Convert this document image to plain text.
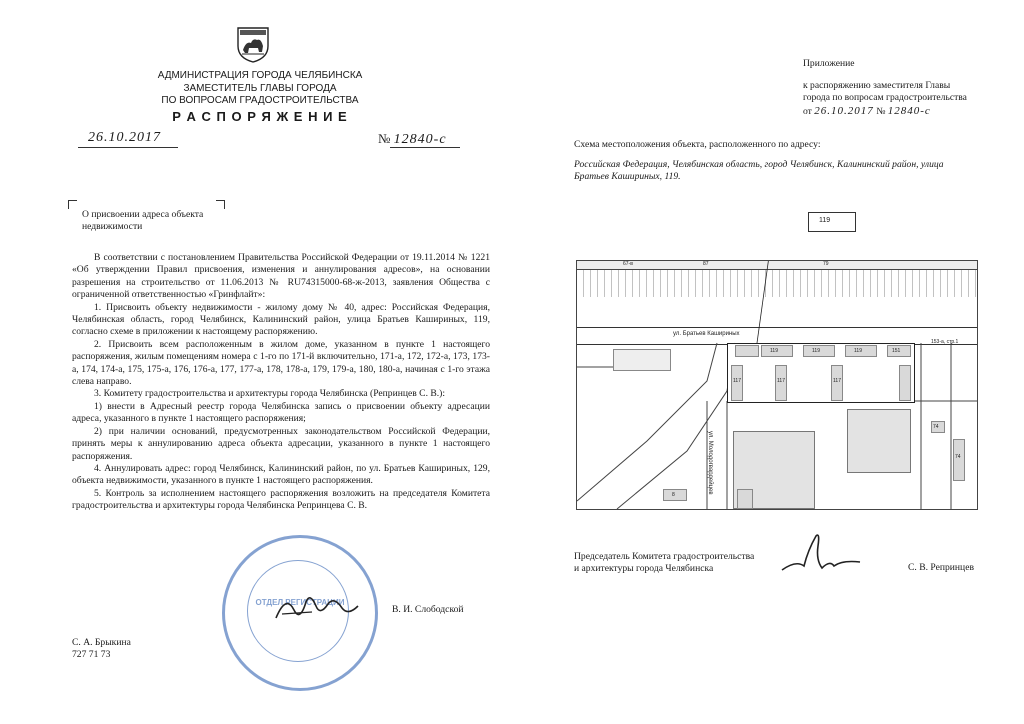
АДМИНИСТРАЦИЯ ГОРОДА ЧЕЛЯБИНСКА
ЗАМЕСТИТЕЛЬ ГЛАВЫ ГОРОДА
ПО ВОПРОСАМ ГРАДОСТРОИТЕЛЬСТВА
Р А С П О Р Я Ж Е Н И Е
26.10.2017	№ 12840-с
О присвоении адреса объекта
недвижимости

В соответствии с постановлением Правительства Российской Федерации от 19.11.2014 № 1221 «Об утверждении Правил присвоения, изменения и аннулирования адресов», на основании разрешения на строительство от 11.06.2013 № RU74315000-68-ж-2013, заявления Общества с ограниченной ответственностью «Гринфлайт»:

1. Присвоить объекту недвижимости - жилому дому № 40, адрес: Российская Федерация, Челябинская область, город Челябинск, Калининский район, улица Братьев Кашириных, 119, согласно схеме в приложении к настоящему распоряжению.

2. Присвоить всем расположенным в жилом доме, указанном в пункте 1 настоящего распоряжения, жилым помещениям номера с 1-го по 171-й включительно, 171-а, 172, 172-а, 173, 173-а, 174, 174-а, 175, 175-а, 176, 176-а, 177, 177-а, 178, 178-а, 179, 179-а, 180, 180-а, начиная с 1-го этажа слева направо.

3. Комитету градостроительства и архитектуры города Челябинска (Репринцев С. В.):

1) внести в Адресный реестр города Челябинска запись о присвоении объекту адресации адреса, указанного в пункте 1 настоящего распоряжения;

2) при наличии оснований, предусмотренных законодательством Российской Федерации, принять меры к аннулированию адреса объекта адресации, указанного в пункте 1 настоящего распоряжения.

4. Аннулировать адрес: город Челябинск, Калининский район, по ул. Братьев Кашириных, 129, объекта недвижимости, указанного в пункте 1 настоящего распоряжения.

5. Контроль за исполнением настоящего распоряжения возложить на председателя Комитета градостроительства и архитектуры города Челябинска Репринцева С. В.

ОТДЕЛ РЕГИСТРАЦИИ
В. И. Слободской
С. А. Брыкина
727 71 73
Приложение
к распоряжению заместителя Главы
города по вопросам градостроительства
от 26.10.2017 № 12840-с
Схема местоположения объекта, расположенного по адресу:
Российская Федерация, Челябинская область, город Челябинск, Калининский район, улица
Братьев Кашириных, 119.
119
67-в	87	79
ул. Братьев Кашириных
ул. Молодогвардейцев
119	119	119	151
117	117	117
153-а, стр.1
74
74
8
Председатель Комитета градостроительства
и архитектуры города Челябинска	С. В. Репринцев
